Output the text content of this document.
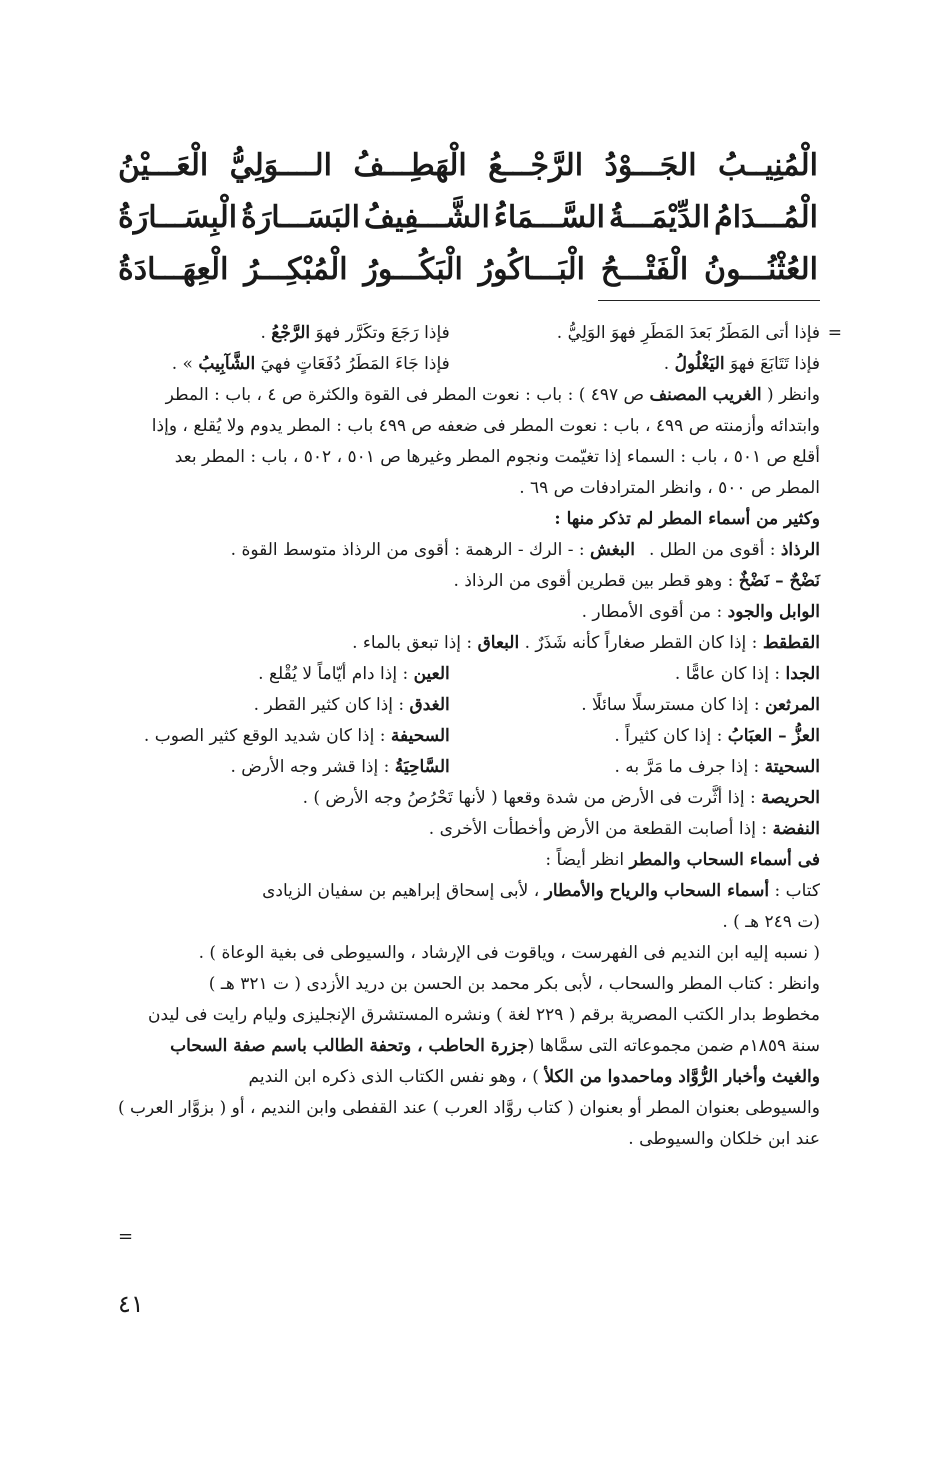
الْمُنِيــبُ
الجَـــوْدُ
الرَّجْـــعُ
الْهَطِـــفُ
الــــوَلِيُّ
الْعَـــيْنُ
الْمُـــدَامُ
الدِّيْمَـــةُ
السَّـــمَاءُ
الشَّـــفِيفُ
البَسَـــارَةُ
الْبِسَـــارَةُ
العُثْنُـــونُ
الْفَتْـــحُ
الْبَـــاكُورُ
الْبَكُـــورُ
الْمُبْكِـــرُ
الْعِهَـــادَةُ
=
فإذا أتى المَطَرُ بَعدَ المَطَرِ فهوَ الوَلِيُّ .
فإذا رَجَعَ وتكَرَّر فهوَ الرَّجْعُ .
فإذا تَتَابَعَ فهوَ اليَغْلُولُ .
فإذا جَاءَ المَطَرُ دُفَعَاتٍ فهيَ الشَّآبِيبُ » .
وانظر ( الغريب المصنف ص ٤٩٧ ) : باب : نعوت المطر فى القوة والكثرة ص ٤ ، باب : المطر
وابتدائه وأزمنته ص ٤٩٩ ، باب : نعوت المطر فى ضعفه ص ٤٩٩ باب : المطر يدوم ولا يُقلع ، وإذا
أقلع ص ٥٠١ ، باب : السماء إذا تغيّمت ونجوم المطر وغيرها ص ٥٠١ ، ٥٠٢ ، باب : المطر بعد
المطر ص ٥٠٠ ، وانظر المترادفات ص ٦٩ .
وكثير من أسماء المطر لم تذكر منها :
الرذاذ : أقوى من الطل .البغش : - الرك - الرهمة : أقوى من الرذاذ متوسط القوة .
نَضْحٌ – نَضْخٌ : وهو قطر بين قطرين أقوى من الرذاذ .
الوابل والجود : من أقوى الأمطار .
القطقط : إذا كان القطر صغاراً كأنه شَذَرٌ . البعاق : إذا تبعق بالماء .
الجدا : إذا كان عامًّا .
العين : إذا دام أيّاماً لا يُقْلع .
المرثعن : إذا كان مسترسلًا سائلًا .
الغدق : إذا كان كثير القطر .
العزُّ – العبَابُ : إذا كان كثيراً .
السحيفة : إذا كان شديد الوقع كثير الصوب .
السحيتة : إذا جرف ما مَرَّ به .
السَّاحِيَةُ : إذا قشر وجه الأرض .
الحريصة : إذا أثَّرت فى الأرض من شدة وقعها ( لأنها تَحْرُصُ وجه الأرض ) .
النفضة : إذا أصابت القطعة من الأرض وأخطأت الأخرى .
فى أسماء السحاب والمطر انظر أيضاً :
كتاب : أسماء السحاب والرياح والأمطار ، لأبى إسحاق إبراهيم بن سفيان الزيادى
(ت ٢٤٩ هـ ) .
( نسبه إليه ابن النديم فى الفهرست ، وياقوت فى الإرشاد ، والسيوطى فى بغية الوعاة ) .
وانظر : كتاب المطر والسحاب ، لأبى بكر محمد بن الحسن بن دريد الأزدى ( ت ٣٢١ هـ )
مخطوط بدار الكتب المصرية برقم ( ٢٢٩ لغة ) ونشره المستشرق الإنجليزى وليام رايت فى ليدن
سنة ١٨٥٩م ضمن مجموعاته التى سمَّاها (جزرة الحاطب ، وتحفة الطالب باسم صفة السحاب
والغيث وأخبار الرُّوَّاد وماحمدوا من الكلأ ) ، وهو نفس الكتاب الذى ذكره ابن النديم
والسيوطى بعنوان المطر أو بعنوان ( كتاب روَّاد العرب ) عند القفطى وابن النديم ، أو ( بزوَّار العرب )
عند ابن خلكان والسيوطى .
=
٤١
